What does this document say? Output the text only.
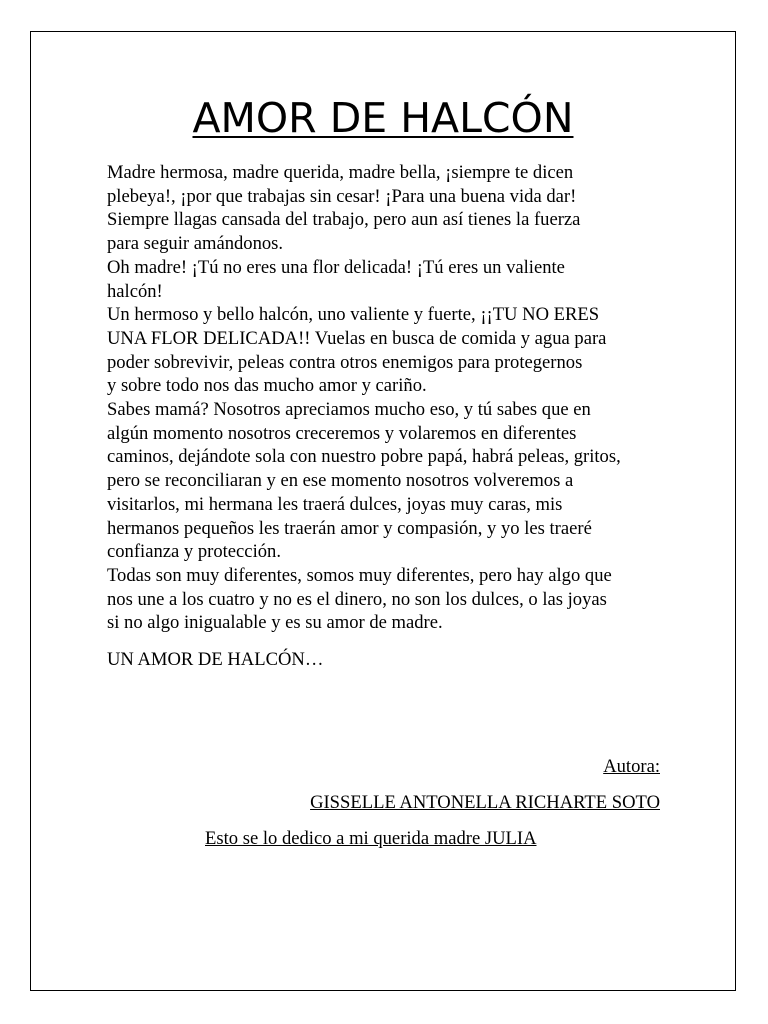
AMOR DE HALCÓN
Madre hermosa, madre querida, madre bella, ¡siempre te dicen
plebeya!, ¡por que trabajas sin cesar! ¡Para una buena vida dar!
Siempre llagas cansada del trabajo, pero aun así tienes la fuerza
para seguir amándonos.
Oh madre! ¡Tú no eres una flor delicada! ¡Tú eres un valiente
halcón!
Un hermoso y bello halcón, uno valiente y fuerte, ¡¡TU NO ERES
UNA FLOR DELICADA!! Vuelas en busca de comida y agua para
poder sobrevivir, peleas contra otros enemigos para protegernos
y sobre todo nos das mucho amor y cariño.
Sabes mamá? Nosotros apreciamos mucho eso, y tú sabes que en
algún momento nosotros creceremos y volaremos en diferentes
caminos, dejándote sola con nuestro pobre papá, habrá peleas, gritos,
pero se reconciliaran y en ese momento nosotros volveremos a
visitarlos, mi hermana les traerá dulces, joyas muy caras, mis
hermanos pequeños les traerán amor y compasión, y yo les traeré
confianza y protección.
Todas son muy diferentes, somos muy diferentes, pero hay algo que
nos une a los cuatro y no es el dinero, no son los dulces, o las joyas
si no algo inigualable y es su amor de madre.
UN AMOR DE HALCÓN…
Autora:
GISSELLE ANTONELLA RICHARTE SOTO
Esto se lo dedico a mi querida madre JULIA
